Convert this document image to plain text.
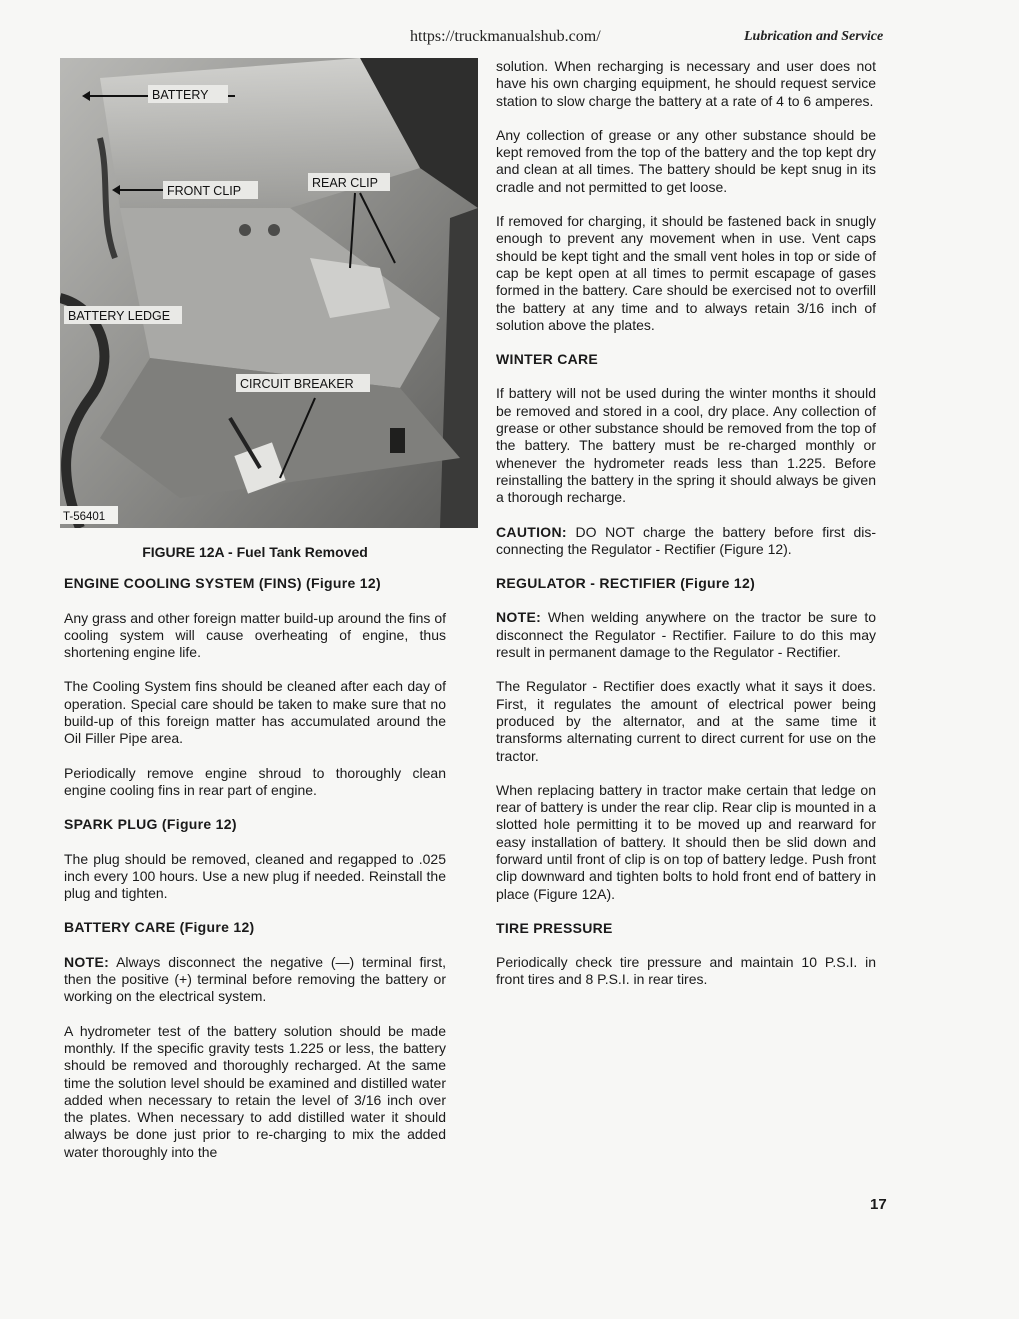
https://truckmanualshub.com/	Lubrication and Service
BATTERY
FRONT CLIP
REAR CLIP
BATTERY LEDGE
CIRCUIT BREAKER
T-56401

FIGURE 12A - Fuel Tank Removed

ENGINE COOLING SYSTEM (FINS) (Figure 12)

Any grass and other foreign matter build-up around the fins of cooling system will cause overheating of engine, thus shortening engine life.

The Cooling System fins should be cleaned after each day of operation. Special care should be taken to make sure that no build-up of this foreign matter has accumulated around the Oil Filler Pipe area.

Periodically remove engine shroud to thoroughly clean engine cooling fins in rear part of engine.

SPARK PLUG (Figure 12)

The plug should be removed, cleaned and regapped to .025 inch every 100 hours. Use a new plug if needed. Reinstall the plug and tighten.

BATTERY CARE (Figure 12)

NOTE: Always disconnect the negative (—) terminal first, then the positive (+) terminal before removing the battery or working on the electrical system.

A hydrometer test of the battery solution should be made monthly. If the specific gravity tests 1.225 or less, the battery should be removed and thoroughly recharged. At the same time the solution level should be examined and distilled water added when necessary to retain the level of 3/16 inch over the plates. When necessary to add distilled water it should always be done just prior to re-charging to mix the added water thoroughly into the

solution. When recharging is necessary and user does not have his own charging equipment, he should request service station to slow charge the battery at a rate of 4 to 6 amperes.

Any collection of grease or any other substance should be kept removed from the top of the battery and the top kept dry and clean at all times. The battery should be kept snug in its cradle and not permitted to get loose.

If removed for charging, it should be fastened back in snugly enough to prevent any movement when in use. Vent caps should be kept tight and the small vent holes in top or side of cap be kept open at all times to permit escapage of gases formed in the battery. Care should be exercised not to overfill the battery at any time and to always retain 3/16 inch of solution above the plates.

WINTER CARE

If battery will not be used during the winter months it should be removed and stored in a cool, dry place. Any collection of grease or other substance should be removed from the top of the battery. The battery must be re-charged monthly or whenever the hydrometer reads less than 1.225. Before reinstalling the battery in the spring it should always be given a thorough recharge.

CAUTION: DO NOT charge the battery before first dis-connecting the Regulator - Rectifier (Figure 12).

REGULATOR - RECTIFIER (Figure 12)

NOTE: When welding anywhere on the tractor be sure to disconnect the Regulator - Rectifier. Failure to do this may result in permanent damage to the Regulator - Rectifier.

The Regulator - Rectifier does exactly what it says it does. First, it regulates the amount of electrical power being produced by the alternator, and at the same time it transforms alternating current to direct current for use on the tractor.

When replacing battery in tractor make certain that ledge on rear of battery is under the rear clip. Rear clip is mounted in a slotted hole permitting it to be moved up and rearward for easy installation of battery. It should then be slid down and forward until front of clip is on top of battery ledge. Push front clip downward and tighten bolts to hold front end of battery in place (Figure 12A).

TIRE PRESSURE

Periodically check tire pressure and maintain 10 P.S.I. in front tires and 8 P.S.I. in rear tires.

17
